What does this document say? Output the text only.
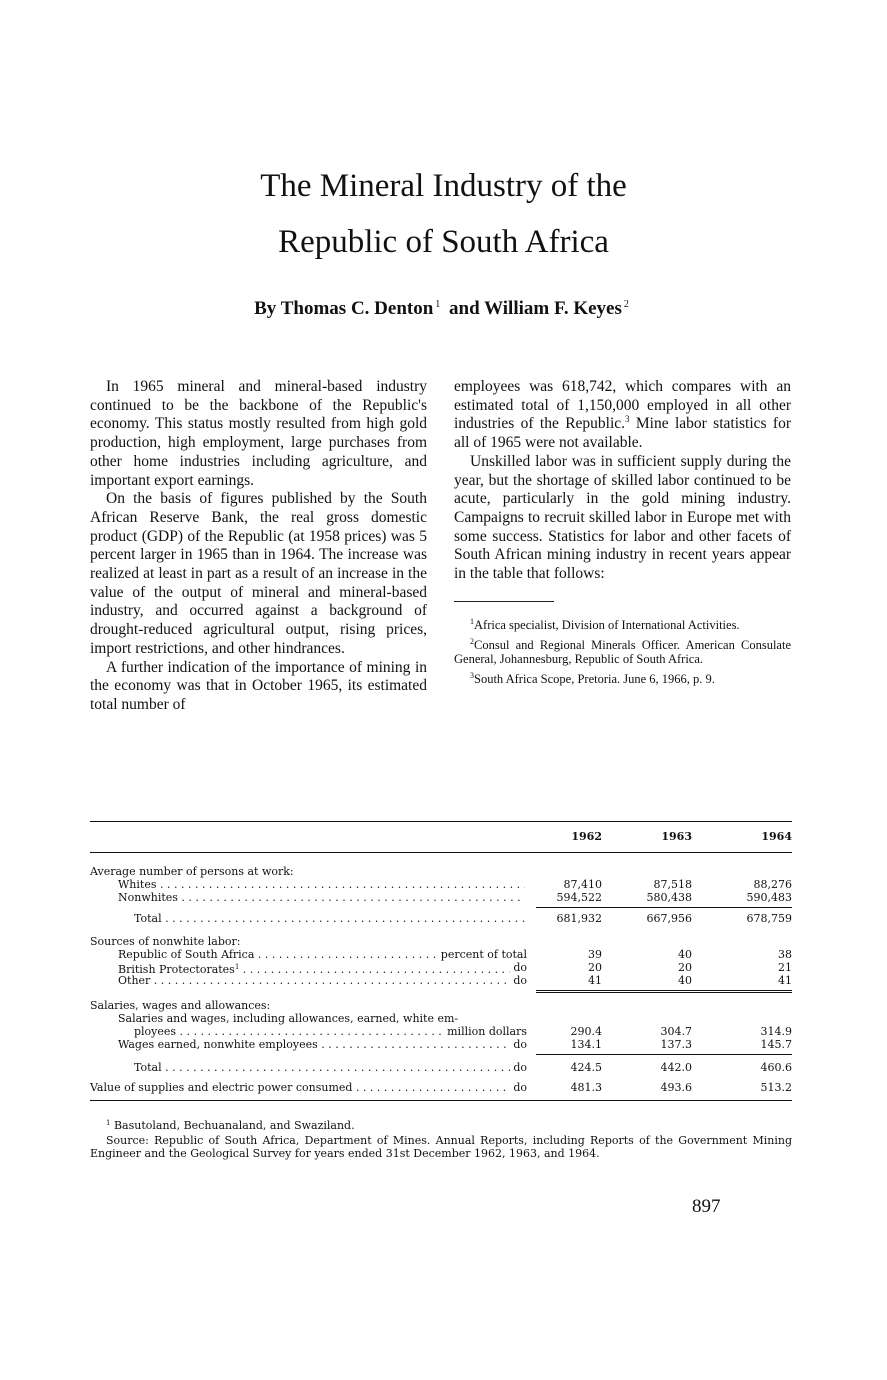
The Mineral Industry of the
Republic of South Africa
By Thomas C. Denton $^1$ and William F. Keyes $^2$

In 1965 mineral and mineral-based industry continued to be the backbone of the Republic's economy. This status mostly resulted from high gold production, high employment, large purchases from other home industries including agriculture, and important export earnings.

On the basis of figures published by the South African Reserve Bank, the real gross domestic product (GDP) of the Republic (at 1958 prices) was 5 percent larger in 1965 than in 1964. The increase was realized at least in part as a result of an increase in the value of the output of mineral and mineral-based industry, and occurred against a background of drought-reduced agricultural output, rising prices, import restrictions, and other hindrances.

A further indication of the importance of mining in the economy was that in October 1965, its estimated total number of

employees was 618,742, which compares with an estimated total of 1,150,000 employed in all other industries of the Republic.$^3$ Mine labor statistics for all of 1965 were not available.

Unskilled labor was in sufficient supply during the year, but the shortage of skilled labor continued to be acute, particularly in the gold mining industry. Campaigns to recruit skilled labor in Europe met with some success. Statistics for labor and other facets of South African mining industry in recent years appear in the table that follows:

$^1$Africa specialist, Division of International Activities.

$^2$Consul and Regional Minerals Officer. American Consulate General, Johannesburg, Republic of South Africa.

$^3$South Africa Scope, Pretoria. June 6, 1966, p. 9.

1962	1963	1964
Average number of persons at work:
Whites . . .	87,410	87,518	88,276
Nonwhites . . .	594,522	580,438	590,483
Total . . .	681,932	667,956	678,759
Sources of nonwhite labor:
Republic of South Africa . . .	percent of total	39	40	38
British Protectorates$^1$ . . .	do	20	20	21
Other . . .	do	41	40	41
Salaries, wages and allowances:
Salaries and wages, including allowances, earned, white em-
ployees . . .	million dollars	290.4	304.7	314.9
Wages earned, nonwhite employees . . .	do	134.1	137.3	145.7
Total . . .	do	424.5	442.0	460.6
Value of supplies and electric power consumed . . .	do	481.3	493.6	513.2

$^1$ Basutoland, Bechuanaland, and Swaziland.

Source: Republic of South Africa, Department of Mines. Annual Reports, including Reports of the Government Mining Engineer and the Geological Survey for years ended 31st December 1962, 1963, and 1964.

897
